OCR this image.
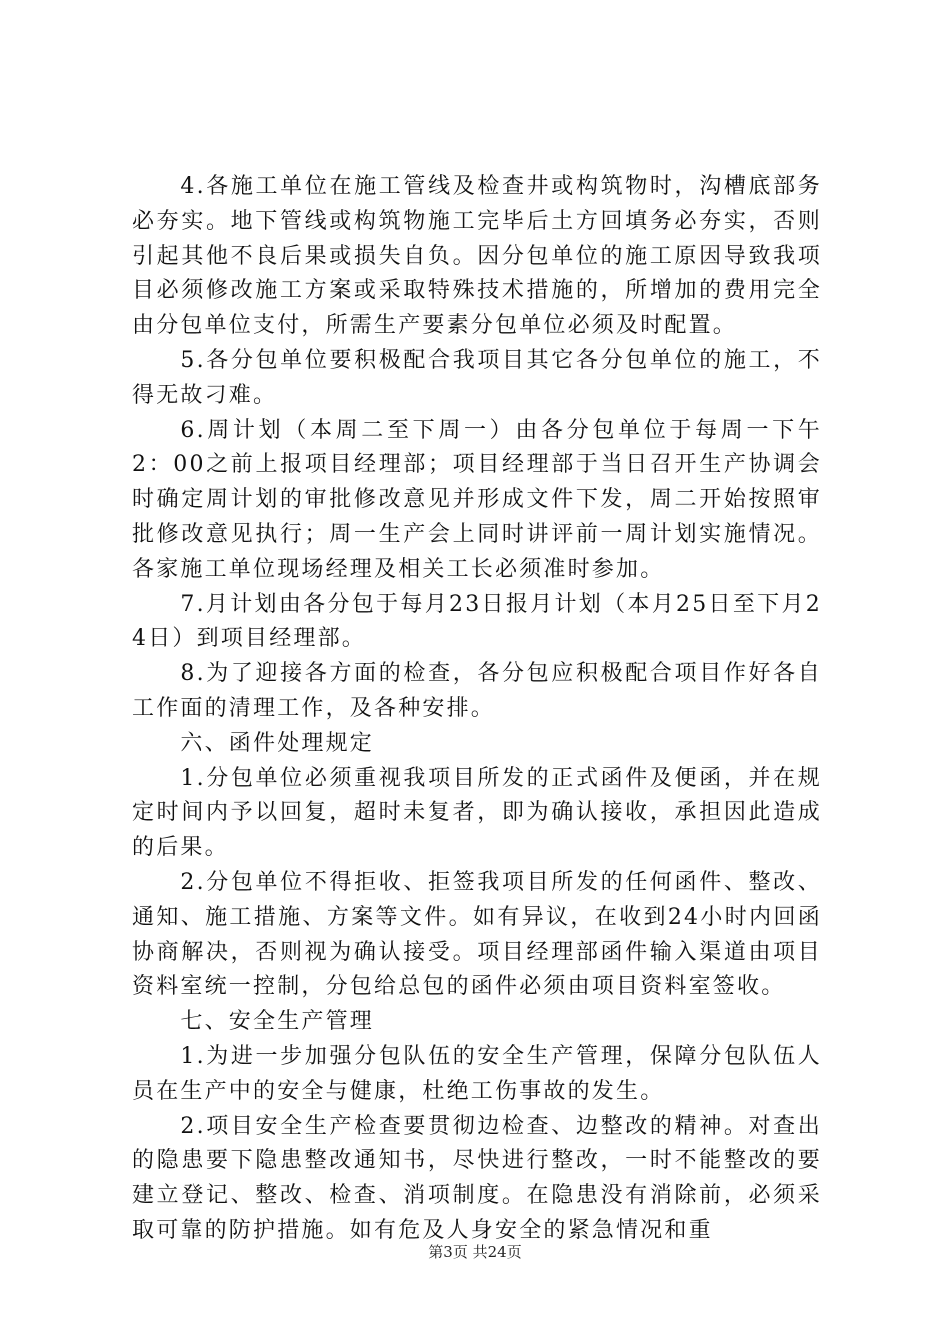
4.各施工单位在施工管线及检查井或构筑物时，沟槽底部务必夯实。地下管线或构筑物施工完毕后土方回填务必夯实，否则引起其他不良后果或损失自负。因分包单位的施工原因导致我项目必须修改施工方案或采取特殊技术措施的，所增加的费用完全由分包单位支付，所需生产要素分包单位必须及时配置。

5.各分包单位要积极配合我项目其它各分包单位的施工，不得无故刁难。

6.周计划（本周二至下周一）由各分包单位于每周一下午2：00之前上报项目经理部；项目经理部于当日召开生产协调会时确定周计划的审批修改意见并形成文件下发，周二开始按照审批修改意见执行；周一生产会上同时讲评前一周计划实施情况。各家施工单位现场经理及相关工长必须准时参加。

7.月计划由各分包于每月23日报月计划（本月25日至下月24日）到项目经理部。

8.为了迎接各方面的检查，各分包应积极配合项目作好各自工作面的清理工作，及各种安排。

六、函件处理规定

1.分包单位必须重视我项目所发的正式函件及便函，并在规定时间内予以回复，超时未复者，即为确认接收，承担因此造成的后果。

2.分包单位不得拒收、拒签我项目所发的任何函件、整改、通知、施工措施、方案等文件。如有异议，在收到24小时内回函协商解决，否则视为确认接受。项目经理部函件输入渠道由项目资料室统一控制，分包给总包的函件必须由项目资料室签收。

七、安全生产管理

1.为进一步加强分包队伍的安全生产管理，保障分包队伍人员在生产中的安全与健康，杜绝工伤事故的发生。

2.项目安全生产检查要贯彻边检查、边整改的精神。对查出的隐患要下隐患整改通知书，尽快进行整改，一时不能整改的要建立登记、整改、检查、消项制度。在隐患没有消除前，必须采取可靠的防护措施。如有危及人身安全的紧急情况和重

第3页 共24页
